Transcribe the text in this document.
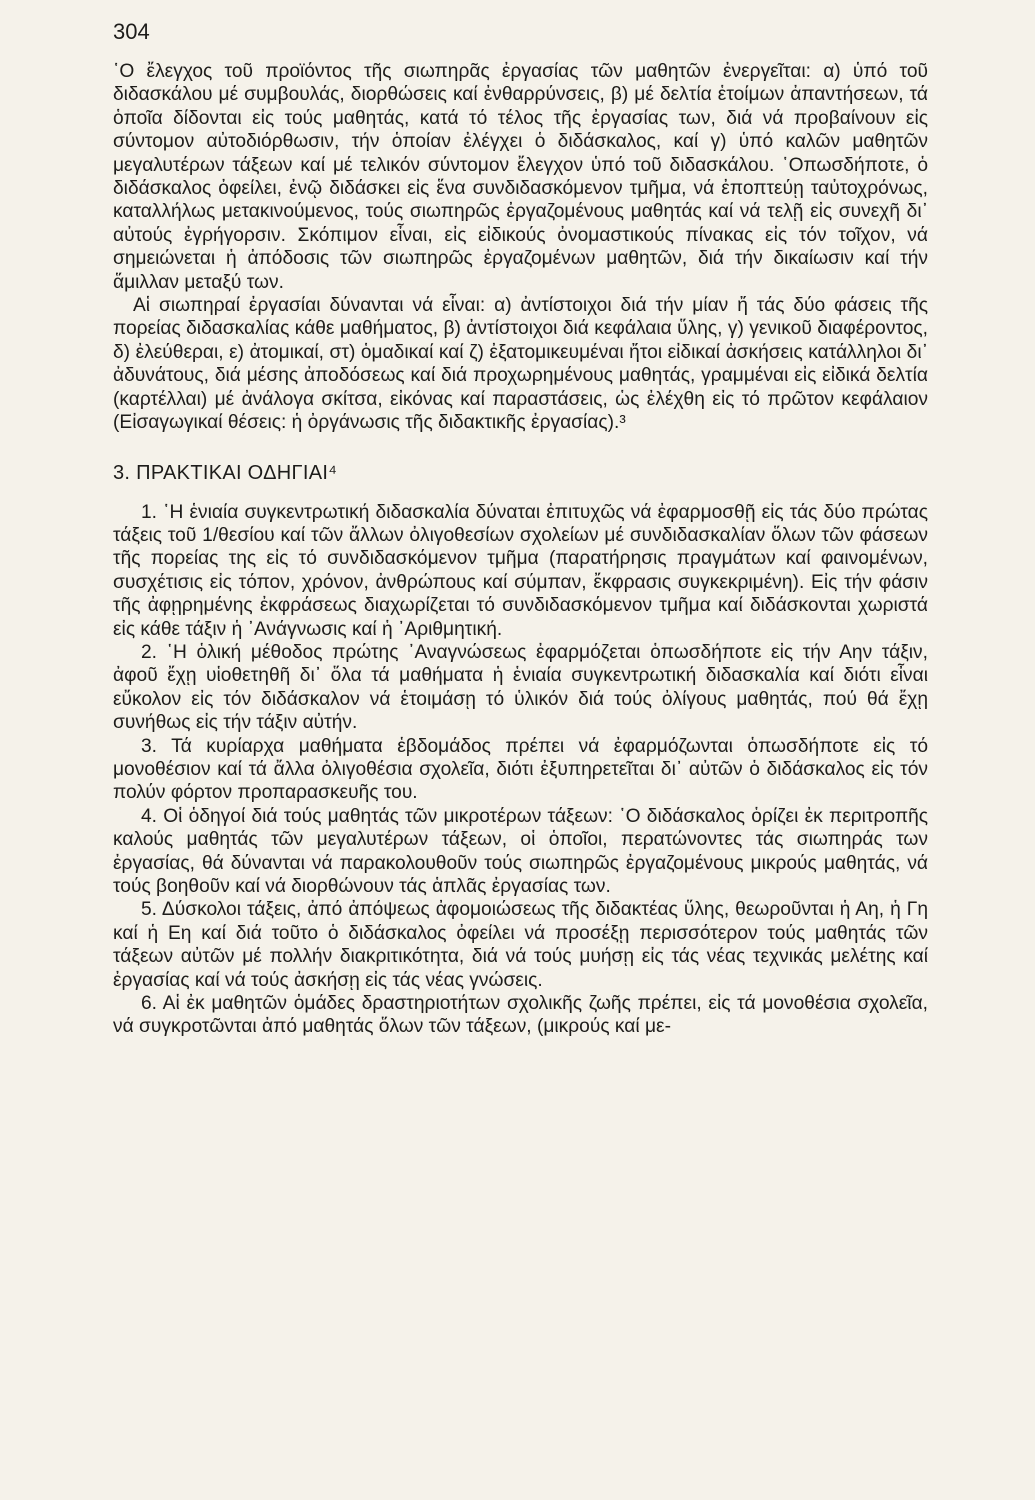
304

῾Ο ἔλεγχος τοῦ προϊόντος τῆς σιωπηρᾶς ἐργασίας τῶν μαθητῶν ἐνεργεῖται: α) ὑπό τοῦ διδασκάλου μέ συμβουλάς, διορθώσεις καί ἐνθαρρύνσεις, β) μέ δελτία ἑτοίμων ἀπαντήσεων, τά ὁποῖα δίδονται εἰς τούς μαθητάς, κατά τό τέλος τῆς ἐργασίας των, διά νά προβαίνουν εἰς σύντομον αὐτοδιόρθωσιν, τήν ὁποίαν ἐλέγχει ὁ διδάσκαλος, καί γ) ὑπό καλῶν μαθητῶν μεγαλυτέρων τάξεων καί μέ τελικόν σύντομον ἔλεγχον ὑπό τοῦ διδασκάλου. ῾Οπωσδήποτε, ὁ διδάσκαλος ὀφείλει, ἐνῷ διδάσκει εἰς ἕνα συνδιδασκόμενον τμῆμα, νά ἐποπτεύῃ ταὐτοχρόνως, καταλλήλως μετακινούμενος, τούς σιωπηρῶς ἐργαζομένους μαθητάς καί νά τελῇ εἰς συνεχῆ δι᾿ αὐτούς ἐγρήγορσιν. Σκόπιμον εἶναι, εἰς εἰδικούς ὀνομαστικούς πίνακας εἰς τόν τοῖχον, νά σημειώνεται ἡ ἀπόδοσις τῶν σιωπηρῶς ἐργαζομένων μαθητῶν, διά τήν δικαίωσιν καί τήν ἅμιλλαν μεταξύ των.

Αἱ σιωπηραί ἐργασίαι δύνανται νά εἶναι: α) ἀντίστοιχοι διά τήν μίαν ἤ τάς δύο φάσεις τῆς πορείας διδασκαλίας κάθε μαθήματος, β) ἀντίστοιχοι διά κεφάλαια ὕλης, γ) γενικοῦ διαφέροντος, δ) ἐλεύθεραι, ε) ἀτομικαί, στ) ὁμαδικαί καί ζ) ἐξατομικευμέναι ἤτοι εἰδικαί ἀσκήσεις κατάλληλοι δι᾿ ἀδυνάτους, διά μέσης ἀποδόσεως καί διά προχωρημένους μαθητάς, γραμμέναι εἰς εἰδικά δελτία (καρτέλλαι) μέ ἀνάλογα σκίτσα, εἰκόνας καί παραστάσεις, ὡς ἐλέχθη εἰς τό πρῶτον κεφάλαιον (Εἰσαγωγικαί θέσεις: ἡ ὀργάνωσις τῆς διδακτικῆς ἐργασίας).³

3. ΠΡΑΚΤΙΚΑΙ ΟΔΗΓΙΑΙ⁴

1. ῾Η ἑνιαία συγκεντρωτική διδασκαλία δύναται ἐπιτυχῶς νά ἐφαρμοσθῇ εἰς τάς δύο πρώτας τάξεις τοῦ 1/θεσίου καί τῶν ἄλλων ὀλιγοθεσίων σχολείων μέ συνδιδασκαλίαν ὅλων τῶν φάσεων τῆς πορείας της εἰς τό συνδιδασκόμενον τμῆμα (παρατήρησις πραγμάτων καί φαινομένων, συσχέτισις εἰς τόπον, χρόνον, ἀνθρώπους καί σύμπαν, ἔκφρασις συγκεκριμένη). Εἰς τήν φάσιν τῆς ἀφῃρημένης ἐκφράσεως διαχωρίζεται τό συνδιδασκόμενον τμῆμα καί διδάσκονται χωριστά εἰς κάθε τάξιν ἡ ᾿Ανάγνωσις καί ἡ ᾿Αριθμητική.

2. ῾Η ὁλική μέθοδος πρώτης ᾿Αναγνώσεως ἐφαρμόζεται ὁπωσδήποτε εἰς τήν Αην τάξιν, ἀφοῦ ἔχῃ υἱοθετηθῆ δι᾿ ὅλα τά μαθήματα ἡ ἑνιαία συγκεντρωτική διδασκαλία καί διότι εἶναι εὔκολον εἰς τόν διδάσκαλον νά ἑτοιμάσῃ τό ὑλικόν διά τούς ὀλίγους μαθητάς, πού θά ἔχῃ συνήθως εἰς τήν τάξιν αὐτήν.

3. Τά κυρίαρχα μαθήματα ἑβδομάδος πρέπει νά ἐφαρμόζωνται ὁπωσδήποτε εἰς τό μονοθέσιον καί τά ἄλλα ὀλιγοθέσια σχολεῖα, διότι ἐξυπηρετεῖται δι᾿ αὐτῶν ὁ διδάσκαλος εἰς τόν πολύν φόρτον προπαρασκευῆς του.

4. Οἱ ὁδηγοί διά τούς μαθητάς τῶν μικροτέρων τάξεων: ῾Ο διδάσκαλος ὁρίζει ἐκ περιτροπῆς καλούς μαθητάς τῶν μεγαλυτέρων τάξεων, οἱ ὁποῖοι, περατώνοντες τάς σιωπηράς των ἐργασίας, θά δύνανται νά παρακολουθοῦν τούς σιωπηρῶς ἐργαζομένους μικρούς μαθητάς, νά τούς βοηθοῦν καί νά διορθώνουν τάς ἁπλᾶς ἐργασίας των.

5. Δύσκολοι τάξεις, ἀπό ἀπόψεως ἀφομοιώσεως τῆς διδακτέας ὕλης, θεωροῦνται ἡ Αη, ἡ Γη καί ἡ Εη καί διά τοῦτο ὁ διδάσκαλος ὀφείλει νά προσέξῃ περισσότερον τούς μαθητάς τῶν τάξεων αὐτῶν μέ πολλήν διακριτικότητα, διά νά τούς μυήσῃ εἰς τάς νέας τεχνικάς μελέτης καί ἐργασίας καί νά τούς ἀσκήσῃ εἰς τάς νέας γνώσεις.

6. Αἱ ἐκ μαθητῶν ὁμάδες δραστηριοτήτων σχολικῆς ζωῆς πρέπει, εἰς τά μονοθέσια σχολεῖα, νά συγκροτῶνται ἀπό μαθητάς ὅλων τῶν τάξεων, (μικρούς καί με-
